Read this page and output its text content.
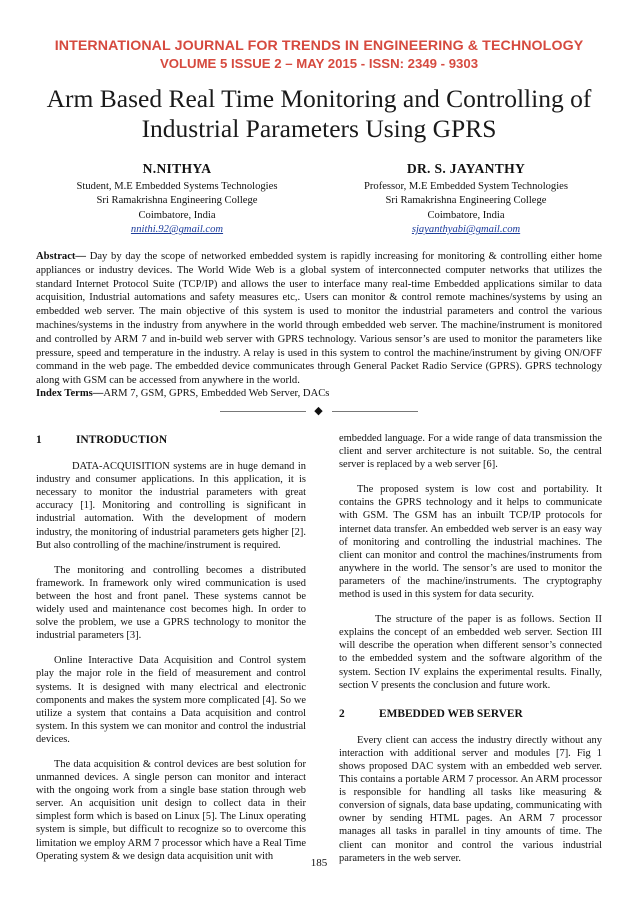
INTERNATIONAL JOURNAL FOR TRENDS IN ENGINEERING & TECHNOLOGY
VOLUME 5 ISSUE 2 – MAY 2015 - ISSN: 2349 - 9303
Arm Based Real Time Monitoring and Controlling of Industrial Parameters Using GPRS
N.NITHYA
Student, M.E Embedded Systems Technologies
Sri Ramakrishna Engineering College
Coimbatore, India
nnithi.92@gmail.com
DR. S. JAYANTHY
Professor, M.E Embedded System Technologies
Sri Ramakrishna Engineering College
Coimbatore, India
sjayanthyabi@gmail.com
Abstract— Day by day the scope of networked embedded system is rapidly increasing for monitoring & controlling either home appliances or industry devices. The World Wide Web is a global system of interconnected computer networks that utilizes the standard Internet Protocol Suite (TCP/IP) and allows the user to interface many real-time Embedded applications similar to data acquisition, Industrial automations and safety measures etc,. Users can monitor & control remote machines/systems by using an embedded web server. The main objective of this system is used to monitor the industrial parameters and control the various machines/systems in the industry from anywhere in the world through embedded web server. The machine/instrument is monitored and controlled by ARM 7 and in-build web server with GPRS technology. Various sensor’s are used to monitor the parameters like pressure, speed and temperature in the industry. A relay is used in this system to control the machine/instrument by giving ON/OFF command in the web page. The embedded device communicates through General Packet Radio Service (GPRS). GPRS technology along with GSM can be accessed from anywhere in the world.
Index Terms—ARM 7, GSM, GPRS, Embedded Web Server, DACs
◆
1	INTRODUCTION

DATA-ACQUISITION systems are in huge demand in industry and consumer applications. In this application, it is necessary to monitor the industrial parameters with great accuracy [1]. Monitoring and controlling is significant in industrial automation. With the development of modern industry, the monitoring of industrial parameters gets higher [2]. But also controlling of the machine/instrument is required.

The monitoring and controlling becomes a distributed framework. In framework only wired communication is used between the host and front panel. These systems cannot be widely used and maintenance cost becomes high. In order to solve the problem, we use a GPRS technology to monitor the industrial parameters [3].

Online Interactive Data Acquisition and Control system play the major role in the field of measurement and control systems. It is designed with many electrical and electronic components and makes the system more complicated [4]. So we utilize a system that contains a Data acquisition and control system. In this system we can monitor and control the industrial devices.

The data acquisition & control devices are best solution for unmanned devices. A single person can monitor and interact with the ongoing work from a single base station through web server. An acquisition unit design to collect data in their simplest form which is based on Linux [5]. The Linux operating system is simple, but difficult to recognize so to overcome this limitation we employ ARM 7 processor which have a Real Time Operating system & we design data acquisition unit with

embedded language. For a wide range of data transmission the client and server architecture is not suitable. So, the central server is replaced by a web server [6].

The proposed system is low cost and portability. It contains the GPRS technology and it helps to communicate with GSM. The GSM has an inbuilt TCP/IP protocols for internet data transfer. An embedded web server is an easy way of monitoring and controlling the industrial machines. The client can monitor and control the machines/instruments from anywhere in the world. The sensor’s are used to monitor the parameters of the machine/instruments. The cryptography method is used in this system for data security.

The structure of the paper is as follows. Section II explains the concept of an embedded web server. Section III will describe the operation when different sensor’s connected to the embedded system and the software algorithm of the system. Section IV explains the experimental results. Finally, section V presents the conclusion and future work.

2	EMBEDDED WEB SERVER

Every client can access the industry directly without any interaction with additional server and modules [7]. Fig 1 shows proposed DAC system with an embedded web server. This contains a portable ARM 7 processor. An ARM processor is responsible for handling all tasks like measuring & conversion of signals, data base updating, communicating with owner by sending HTML pages. An ARM 7 processor manages all tasks in parallel in tiny amounts of time. The client can monitor and control the various industrial parameters in the web server.

185
